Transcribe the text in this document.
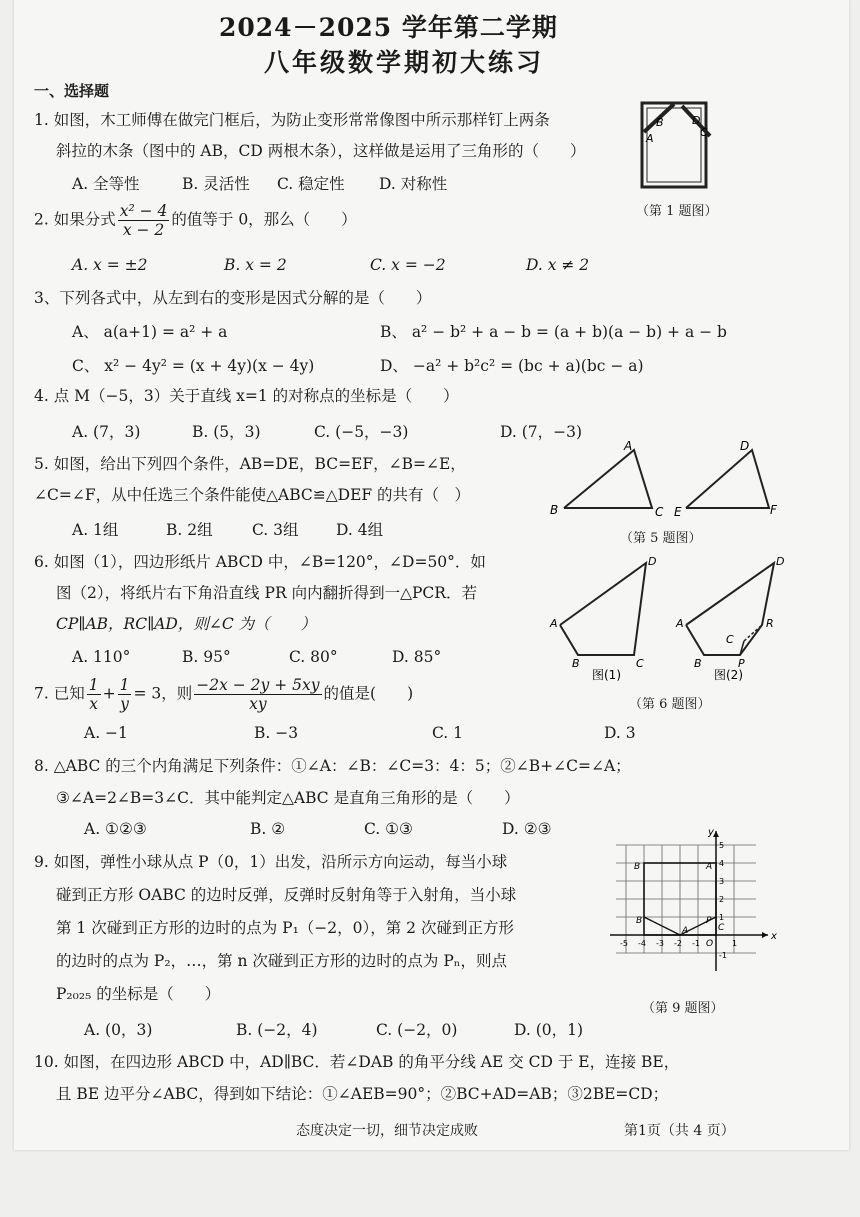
2024－2025 学年第二学期
八年级数学期初大练习
一、选择题
1. 如图，木工师傅在做完门框后，为防止变形常常像图中所示那样钉上两条
斜拉的木条（图中的 AB，CD 两根木条），这样做是运用了三角形的（　　）
A. 全等性	B. 灵活性 C. 稳定性 D. 对称性
B	D
A	C
（第 1 题图）
2. 如果分式 $\frac{\text{x² − 4}}{x - 2}$ 的值等于 0，那么（　　）
A. x = ±2	B. x = 2	C. x = −2	D. x ≠ 2
3、下列各式中，从左到右的变形是因式分解的是（　　）
A、 a(a+1) = a² + a	B、 a² − b² + a − b = (a + b)(a − b) + a − b
C、 x² − 4y² = (x + 4y)(x − 4y)	D、 −a² + b²c² = (bc + a)(bc − a)
4. 点 M（−5，3）关于直线 x=1 的对称点的坐标是（　　）
A. (7，3)	B. (5，3)	C. (−5，−3)	D. (7，−3)
5. 如图，给出下列四个条件，AB=DE，BC=EF，∠B=∠E，
∠C=∠F，从中任选三个条件能使△ABC≌△DEF 的共有（　）
A. 1组	B. 2组	C. 3组 D. 4组
A
B	C
D
E	F
（第 5 题图）
6. 如图（1），四边形纸片 ABCD 中，∠B=120°，∠D=50°．如
图（2），将纸片右下角沿直线 PR 向内翻折得到一△PCR．若
CP∥AB，RC∥AD，则∠C 为（　　）
A. 110°	B. 95°	C. 80°	D. 85°
A
B	C
D
A
B
C
D
R
P
图(1)	图(2)
（第 6 题图）
7. 已知 $\frac{1}{x} + \frac{1}{y} = 3$，则 $\frac{-2x - 2y + 5xy}{xy}$ 的值是(　　)
A. −1	B. −3	C. 1	D. 3
8. △ABC 的三个内角满足下列条件：①∠A：∠B：∠C=3：4：5；②∠B+∠C=∠A；
③∠A=2∠B=3∠C．其中能判定△ABC 是直角三角形的是（　　）
A. ①②③	B. ②	C. ①③	D. ②③
9. 如图，弹性小球从点 P（0，1）出发，沿所示方向运动，每当小球
碰到正方形 OABC 的边时反弹，反弹时反射角等于入射角，当小球
第 1 次碰到正方形的边时的点为 P₁（−2，0），第 2 次碰到正方形
的边时的点为 P₂，…，第 n 次碰到正方形的边时的点为 Pₙ，则点
P₂₀₂₅ 的坐标是（　　）
A. (0，3)	B. (−2，4)	C. (−2，0)	D. (0，1)
x
y
O
-5 -4 -3 -2 -1	1
5
4
3
2
1
-1
B	A
P
C
B
A
（第 9 题图）
10. 如图，在四边形 ABCD 中，AD∥BC．若∠DAB 的角平分线 AE 交 CD 于 E，连接 BE，
且 BE 边平分∠ABC，得到如下结论：①∠AEB=90°；②BC+AD=AB；③2BE=CD；
态度决定一切，细节决定成败	第1页（共 4 页）
